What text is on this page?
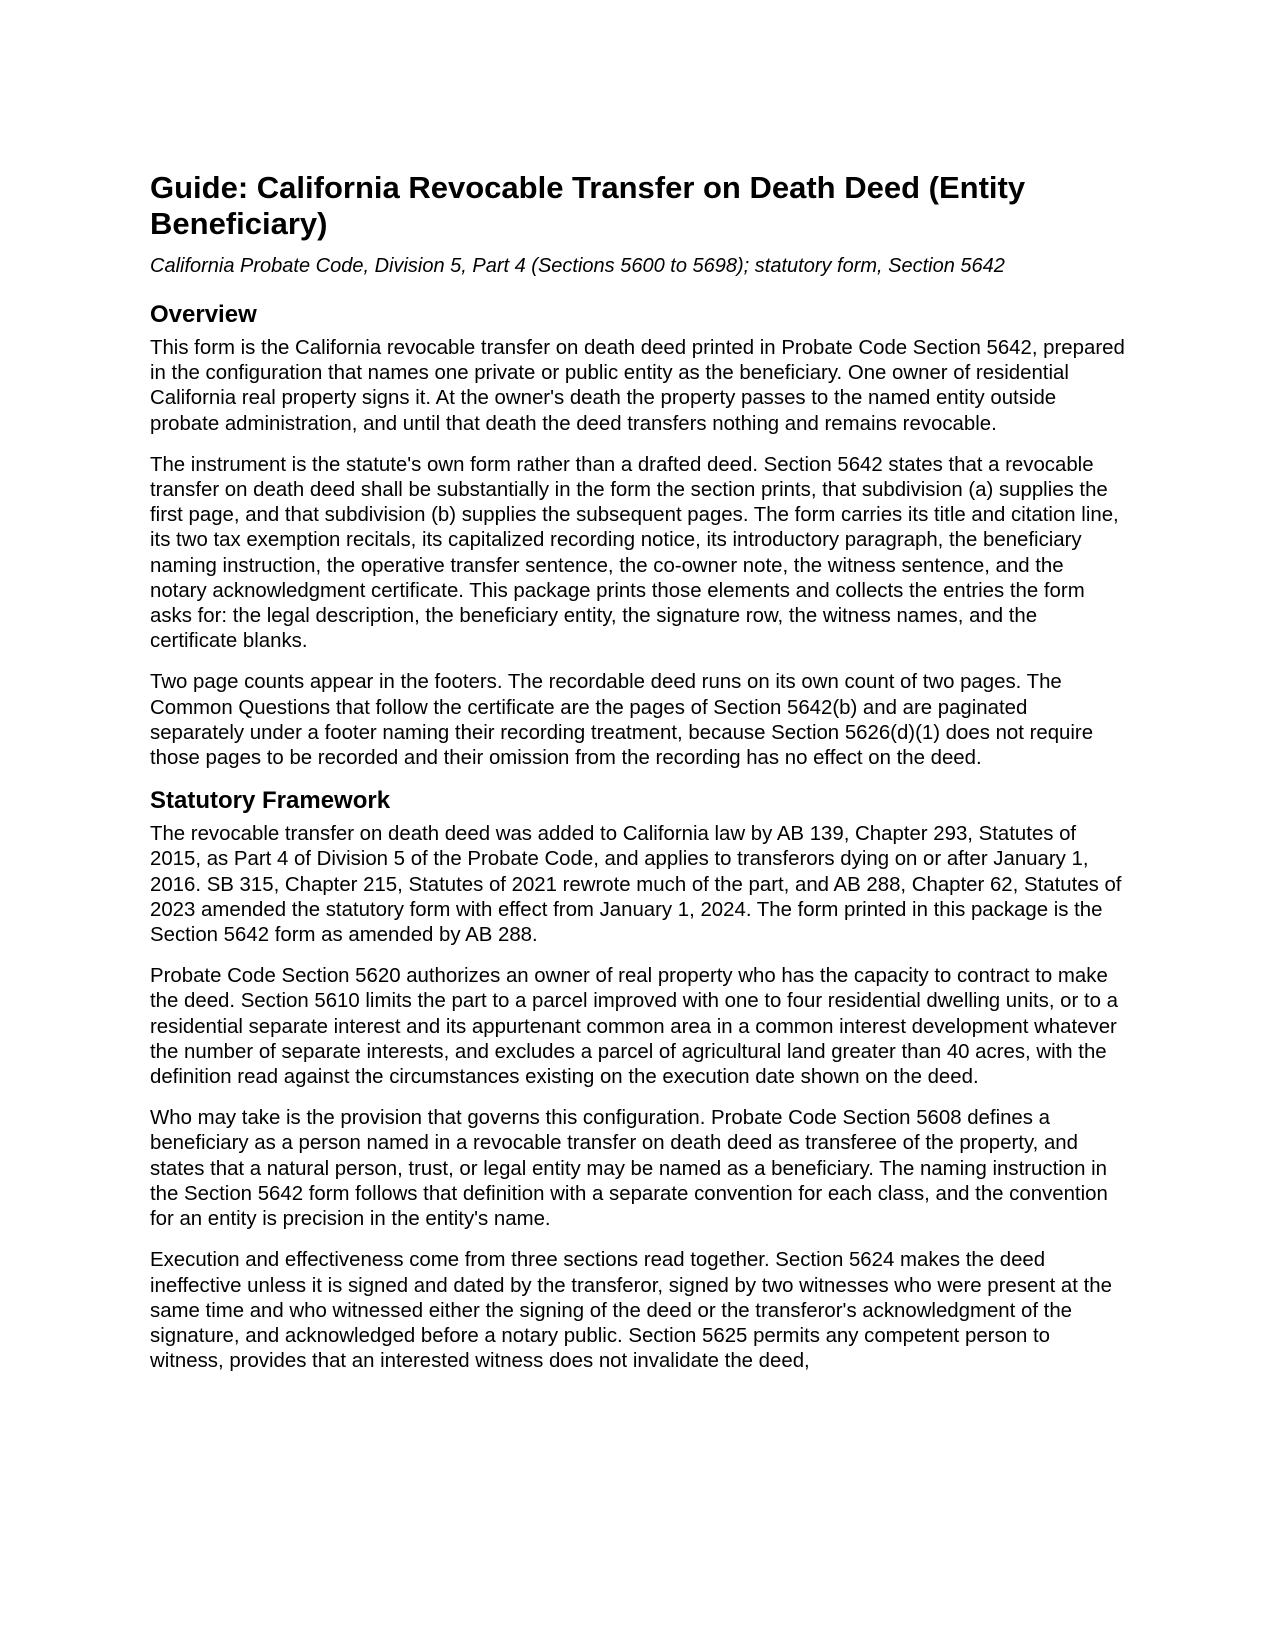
Guide: California Revocable Transfer on Death Deed (Entity Beneficiary)
California Probate Code, Division 5, Part 4 (Sections 5600 to 5698); statutory form, Section 5642
Overview

This form is the California revocable transfer on death deed printed in Probate Code Section 5642, prepared in the configuration that names one private or public entity as the beneficiary. One owner of residential California real property signs it. At the owner's death the property passes to the named entity outside probate administration, and until that death the deed transfers nothing and remains revocable.

The instrument is the statute's own form rather than a drafted deed. Section 5642 states that a revocable transfer on death deed shall be substantially in the form the section prints, that subdivision (a) supplies the first page, and that subdivision (b) supplies the subsequent pages. The form carries its title and citation line, its two tax exemption recitals, its capitalized recording notice, its introductory paragraph, the beneficiary naming instruction, the operative transfer sentence, the co-owner note, the witness sentence, and the notary acknowledgment certificate. This package prints those elements and collects the entries the form asks for: the legal description, the beneficiary entity, the signature row, the witness names, and the certificate blanks.

Two page counts appear in the footers. The recordable deed runs on its own count of two pages. The Common Questions that follow the certificate are the pages of Section 5642(b) and are paginated separately under a footer naming their recording treatment, because Section 5626(d)(1) does not require those pages to be recorded and their omission from the recording has no effect on the deed.

Statutory Framework

The revocable transfer on death deed was added to California law by AB 139, Chapter 293, Statutes of 2015, as Part 4 of Division 5 of the Probate Code, and applies to transferors dying on or after January 1, 2016. SB 315, Chapter 215, Statutes of 2021 rewrote much of the part, and AB 288, Chapter 62, Statutes of 2023 amended the statutory form with effect from January 1, 2024. The form printed in this package is the Section 5642 form as amended by AB 288.

Probate Code Section 5620 authorizes an owner of real property who has the capacity to contract to make the deed. Section 5610 limits the part to a parcel improved with one to four residential dwelling units, or to a residential separate interest and its appurtenant common area in a common interest development whatever the number of separate interests, and excludes a parcel of agricultural land greater than 40 acres, with the definition read against the circumstances existing on the execution date shown on the deed.

Who may take is the provision that governs this configuration. Probate Code Section 5608 defines a beneficiary as a person named in a revocable transfer on death deed as transferee of the property, and states that a natural person, trust, or legal entity may be named as a beneficiary. The naming instruction in the Section 5642 form follows that definition with a separate convention for each class, and the convention for an entity is precision in the entity's name.

Execution and effectiveness come from three sections read together. Section 5624 makes the deed ineffective unless it is signed and dated by the transferor, signed by two witnesses who were present at the same time and who witnessed either the signing of the deed or the transferor's acknowledgment of the signature, and acknowledged before a notary public. Section 5625 permits any competent person to witness, provides that an interested witness does not invalidate the deed,
